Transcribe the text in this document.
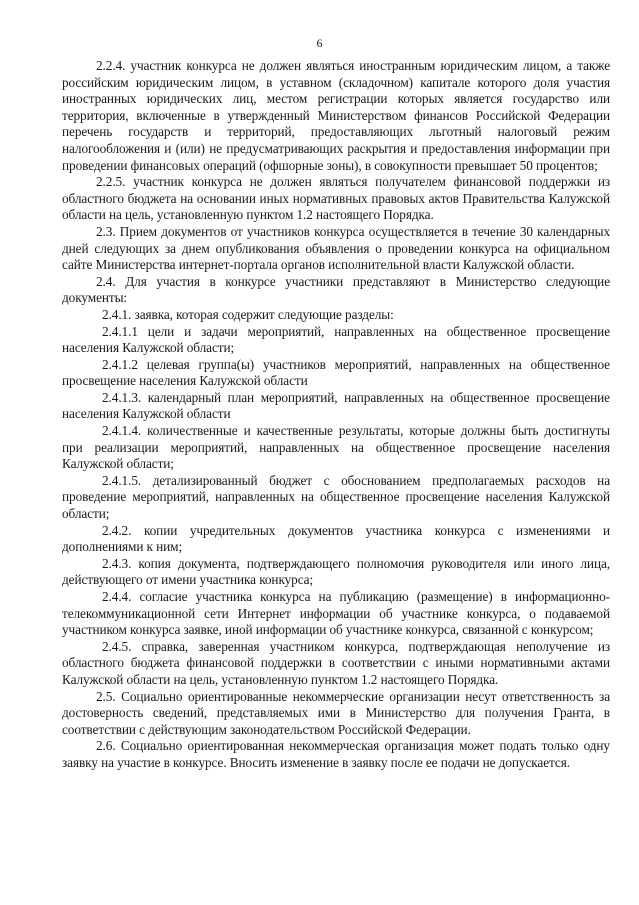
6

2.2.4. участник конкурса не должен являться иностранным юридическим лицом, а также российским юридическим лицом, в уставном (складочном) капитале которого доля участия иностранных юридических лиц, местом регистрации которых является государство или территория, включенные в утвержденный Министерством финансов Российской Федерации перечень государств и территорий, предоставляющих льготный налоговый режим налогообложения и (или) не предусматривающих раскрытия и предоставления информации при проведении финансовых операций (офшорные зоны), в совокупности превышает 50 процентов;

2.2.5. участник конкурса не должен являться получателем финансовой поддержки из областного бюджета на основании иных нормативных правовых актов Правительства Калужской области на цель, установленную пунктом 1.2 настоящего Порядка.

2.3. Прием документов от участников конкурса осуществляется в течение 30 календарных дней следующих за днем опубликования объявления о проведении конкурса на официальном сайте Министерства интернет-портала органов исполнительной власти Калужской области.

2.4. Для участия в конкурсе участники представляют в Министерство следующие документы:

2.4.1. заявка, которая содержит следующие разделы:

2.4.1.1 цели и задачи мероприятий, направленных на общественное просвещение населения Калужской области;

2.4.1.2 целевая группа(ы) участников мероприятий, направленных на общественное просвещение населения Калужской области

2.4.1.3. календарный план мероприятий, направленных на общественное просвещение населения Калужской области

2.4.1.4. количественные и качественные результаты, которые должны быть достигнуты при реализации мероприятий, направленных на общественное просвещение населения Калужской области;

2.4.1.5. детализированный бюджет с обоснованием предполагаемых расходов на проведение мероприятий, направленных на общественное просвещение населения Калужской области;

2.4.2. копии учредительных документов участника конкурса с изменениями и дополнениями к ним;

2.4.3. копия документа, подтверждающего полномочия руководителя или иного лица, действующего от имени участника конкурса;

2.4.4. согласие участника конкурса на публикацию (размещение) в информационно-телекоммуникационной сети Интернет информации об участнике конкурса, о подаваемой участником конкурса заявке, иной информации об участнике конкурса, связанной с конкурсом;

2.4.5. справка, заверенная участником конкурса, подтверждающая неполучение из областного бюджета финансовой поддержки в соответствии с иными нормативными актами Калужской области на цель, установленную пунктом 1.2 настоящего Порядка.

2.5. Социально ориентированные некоммерческие организации несут ответственность за достоверность сведений, представляемых ими в Министерство для получения Гранта, в соответствии с действующим законодательством Российской Федерации.

2.6. Социально ориентированная некоммерческая организация может подать только одну заявку на участие в конкурсе. Вносить изменение в заявку после ее подачи не допускается.
